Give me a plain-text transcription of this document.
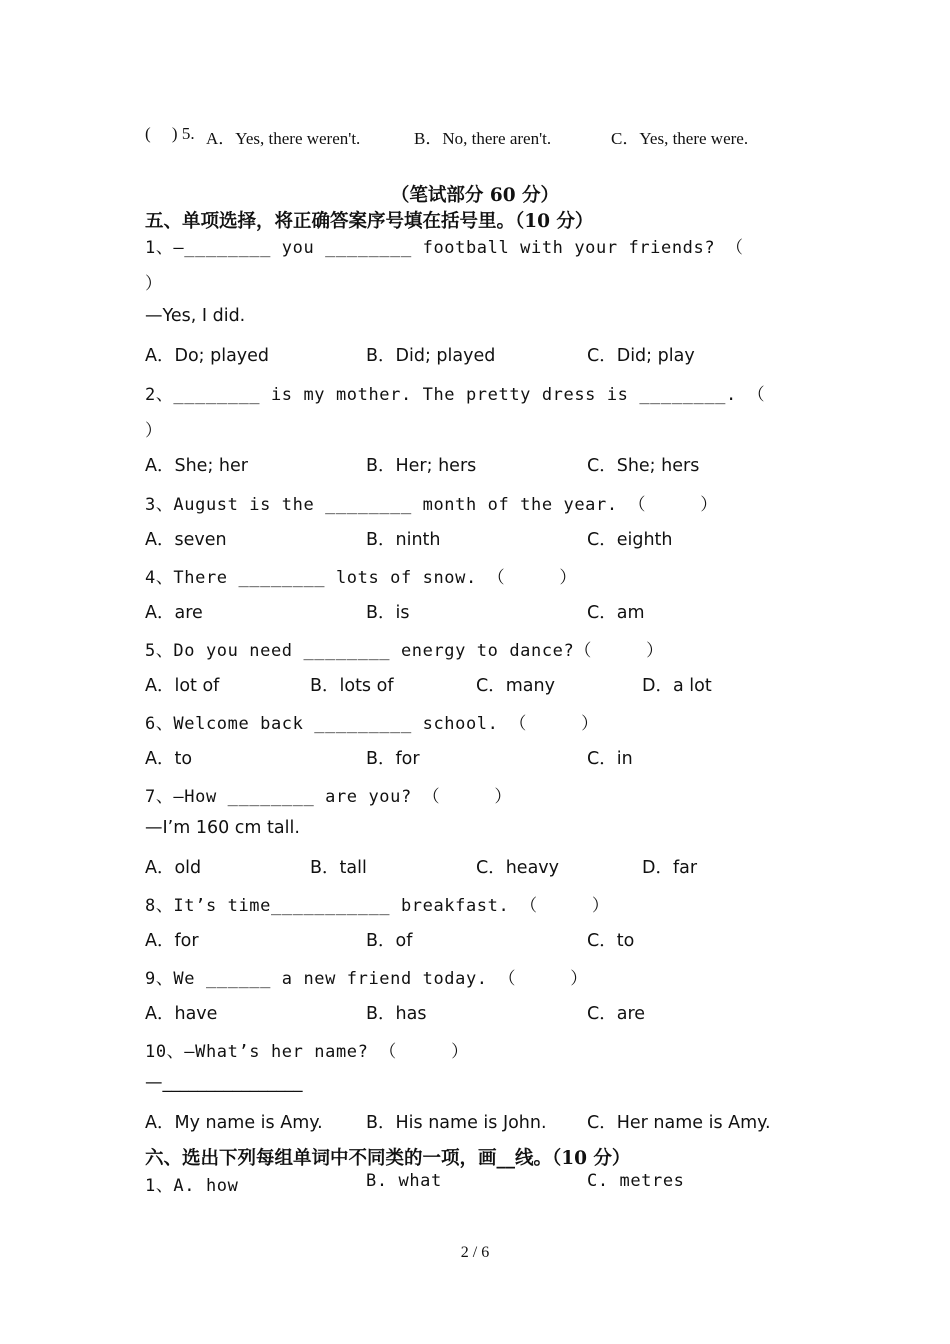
(     ) 5. A．Yes, there weren't.	B．No, there aren't.	C．Yes, there were.
（笔试部分 60 分）
五、单项选择，将正确答案序号填在括号里。（10 分）
1、—________ you ________ football with your friends? （
）
—Yes, I did.
A．Do; played	B．Did; played	C．Did; play
2、________ is my mother. The pretty dress is ________. （
）
A．She; her	B．Her; hers	C．She; hers
3、August is the ________ month of the year. （     ）
A．seven	B．ninth	C．eighth
4、There ________ lots of snow. （     ）
A．are	B．is	C．am
5、Do you need ________ energy to dance?（     ）
A．lot of	B．lots of	C．many	D．a lot
6、Welcome back _________ school. （     ）
A．to	B．for	C．in
7、—How ________ are you? （     ）
—I’m 160 cm tall.
A．old	B．tall	C．heavy	D．far
8、It’s time___________ breakfast. （     ）
A．for	B．of	C．to
9、We ______ a new friend today. （     ）
A．have	B．has	C．are
10、—What’s her name? （     ）
—________________
A．My name is Amy. B．His name is John. C．Her name is Amy.
六、选出下列每组单词中不同类的一项，画__线。（10 分）
1、A. how	B. what	C. metres
2 / 6
